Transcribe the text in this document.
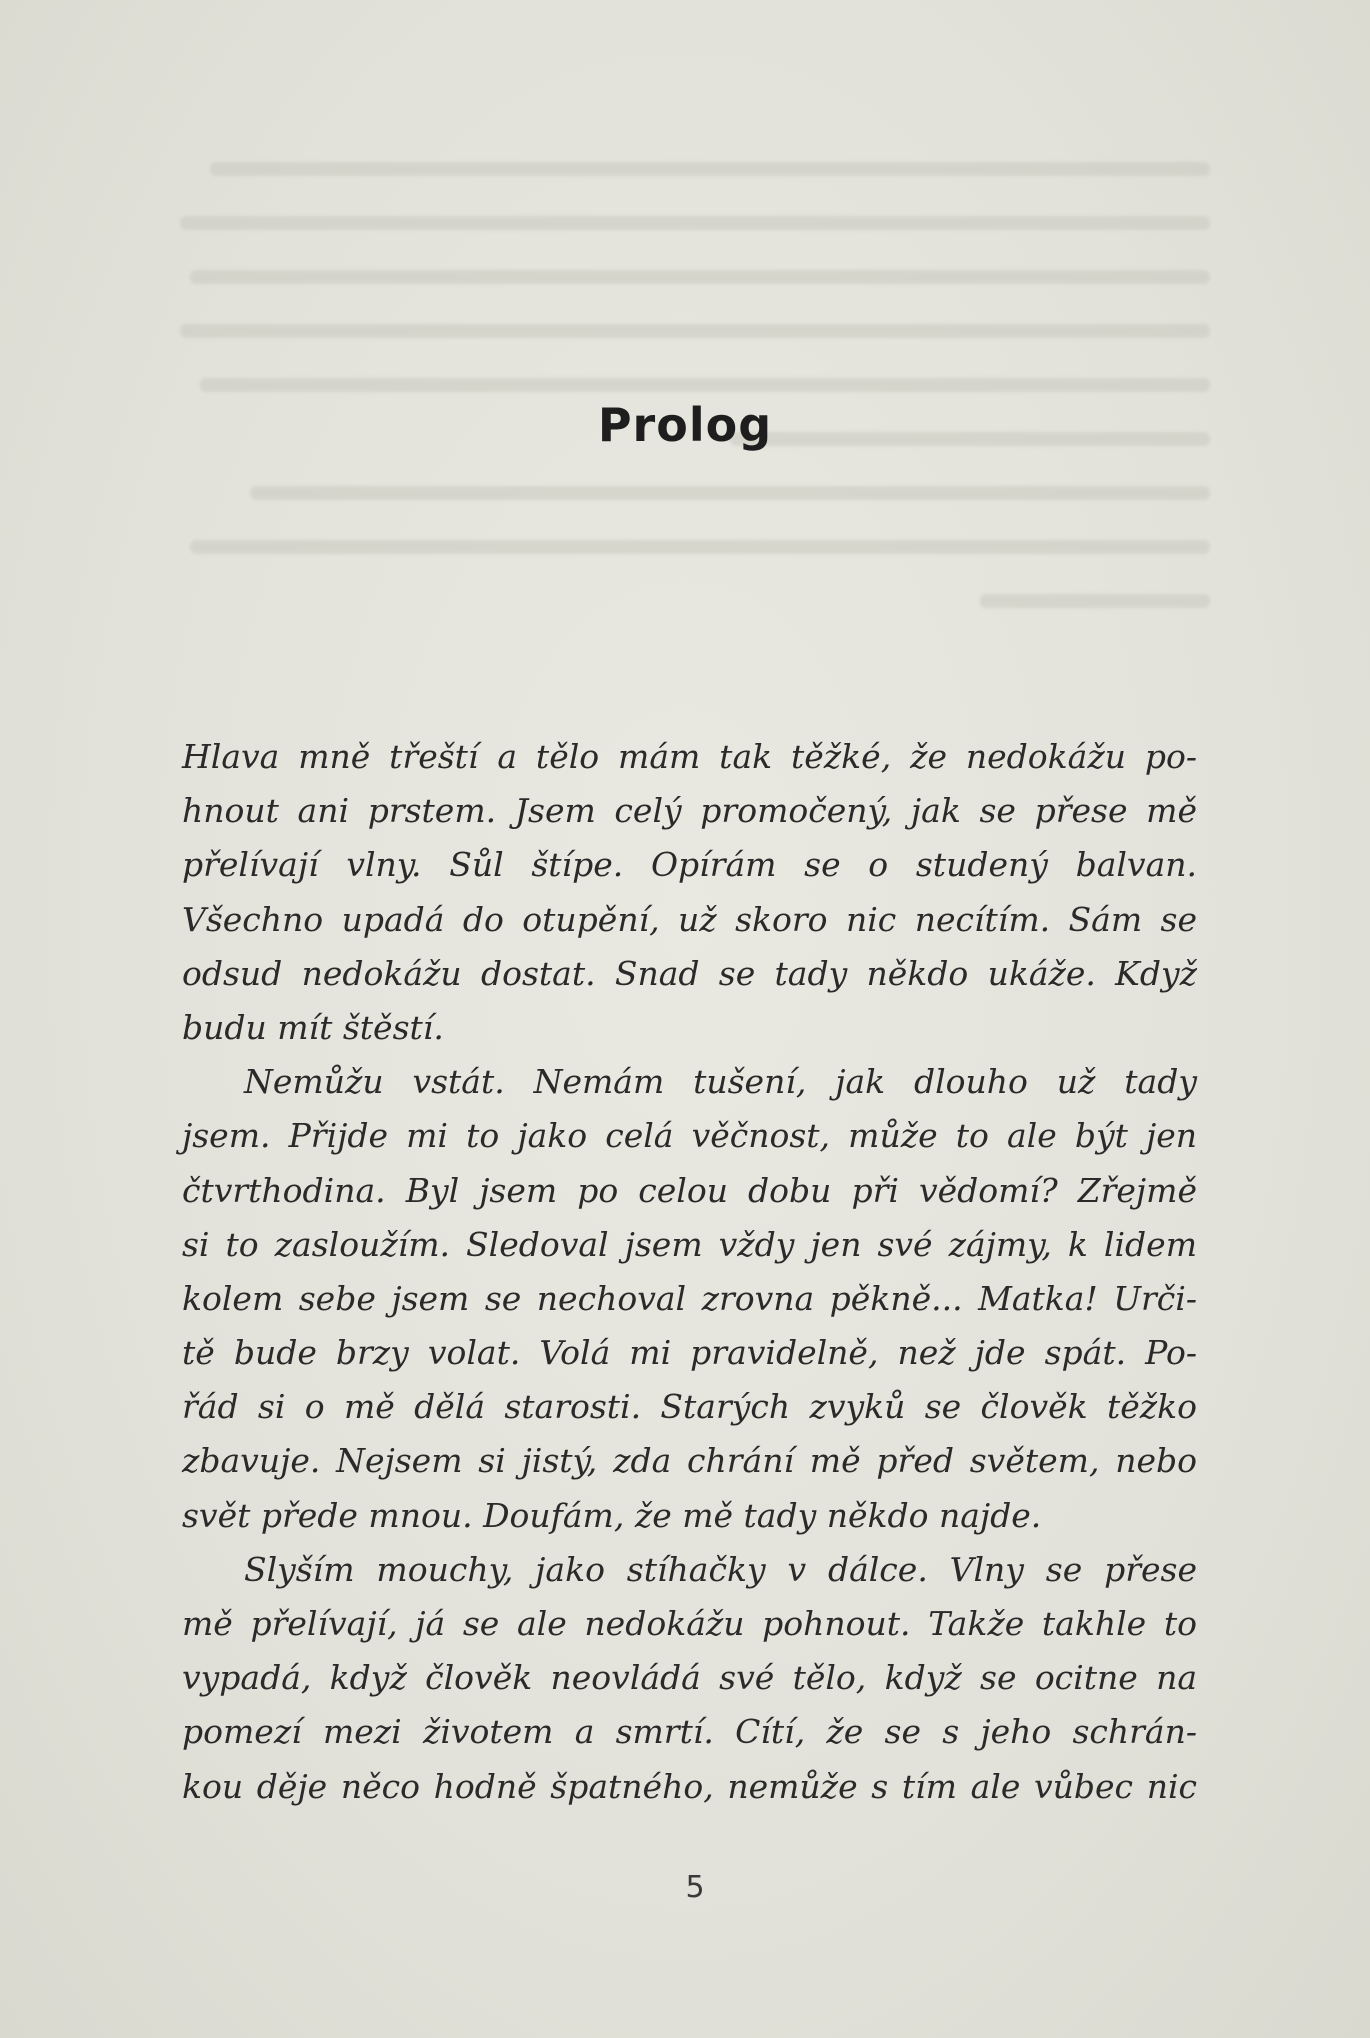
Prolog
Hlava mně třeští a tělo mám tak těžké, že nedokážu po-
hnout ani prstem. Jsem celý promočený, jak se přese mě
přelívají vlny. Sůl štípe. Opírám se o studený balvan.
Všechno upadá do otupění, už skoro nic necítím. Sám se
odsud nedokážu dostat. Snad se tady někdo ukáže. Když
budu mít štěstí.
Nemůžu vstát. Nemám tušení, jak dlouho už tady
jsem. Přijde mi to jako celá věčnost, může to ale být jen
čtvrthodina. Byl jsem po celou dobu při vědomí? Zřejmě
si to zasloužím. Sledoval jsem vždy jen své zájmy, k lidem
kolem sebe jsem se nechoval zrovna pěkně... Matka! Urči-
tě bude brzy volat. Volá mi pravidelně, než jde spát. Po-
řád si o mě dělá starosti. Starých zvyků se člověk těžko
zbavuje. Nejsem si jistý, zda chrání mě před světem, nebo
svět přede mnou. Doufám, že mě tady někdo najde.
Slyším mouchy, jako stíhačky v dálce. Vlny se přese
mě přelívají, já se ale nedokážu pohnout. Takže takhle to
vypadá, když člověk neovládá své tělo, když se ocitne na
pomezí mezi životem a smrtí. Cítí, že se s jeho schrán-
kou děje něco hodně špatného, nemůže s tím ale vůbec nic
5
